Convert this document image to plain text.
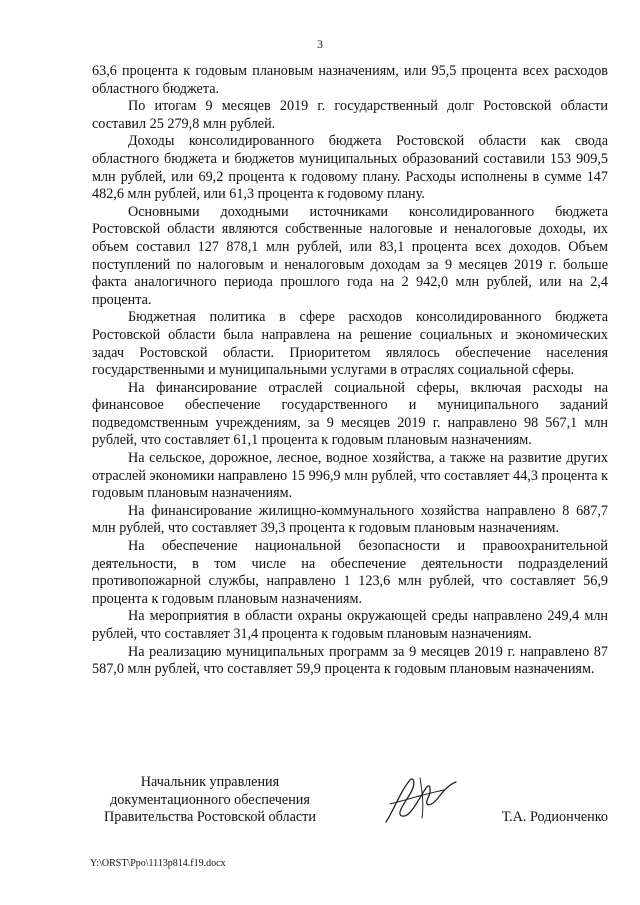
3

63,6 процента к годовым плановым назначениям, или 95,5 процента всех расходов областного бюджета.

По итогам 9 месяцев 2019 г. государственный долг Ростовской области составил 25 279,8 млн рублей.

Доходы консолидированного бюджета Ростовской области как свода областного бюджета и бюджетов муниципальных образований составили 153 909,5 млн рублей, или 69,2 процента к годовому плану. Расходы исполнены в сумме 147 482,6 млн рублей, или 61,3 процента к годовому плану.

Основными доходными источниками консолидированного бюджета Ростовской области являются собственные налоговые и неналоговые доходы, их объем составил 127 878,1 млн рублей, или 83,1 процента всех доходов. Объем поступлений по налоговым и неналоговым доходам за 9 месяцев 2019 г. больше факта аналогичного периода прошлого года на 2 942,0 млн рублей, или на 2,4 процента.

Бюджетная политика в сфере расходов консолидированного бюджета Ростовской области была направлена на решение социальных и экономических задач Ростовской области. Приоритетом являлось обеспечение населения государственными и муниципальными услугами в отраслях социальной сферы.

На финансирование отраслей социальной сферы, включая расходы на финансовое обеспечение государственного и муниципального заданий подведомственным учреждениям, за 9 месяцев 2019 г. направлено 98 567,1 млн рублей, что составляет 61,1 процента к годовым плановым назначениям.

На сельское, дорожное, лесное, водное хозяйства, а также на развитие других отраслей экономики направлено 15 996,9 млн рублей, что составляет 44,3 процента к годовым плановым назначениям.

На финансирование жилищно-коммунального хозяйства направлено 8 687,7 млн рублей, что составляет 39,3 процента к годовым плановым назначениям.

На обеспечение национальной безопасности и правоохранительной деятельности, в том числе на обеспечение деятельности подразделений противопожарной службы, направлено 1 123,6 млн рублей, что составляет 56,9 процента к годовым плановым назначениям.

На мероприятия в области охраны окружающей среды направлено 249,4 млн рублей, что составляет 31,4 процента к годовым плановым назначениям.

На реализацию муниципальных программ за 9 месяцев 2019 г. направлено 87 587,0 млн рублей, что составляет 59,9 процента к годовым плановым назначениям.

Начальник управления
документационного обеспечения
Правительства Ростовской области	Т.А. Родионченко
Y:\ORST\Ppo\1113p814.f19.docx
